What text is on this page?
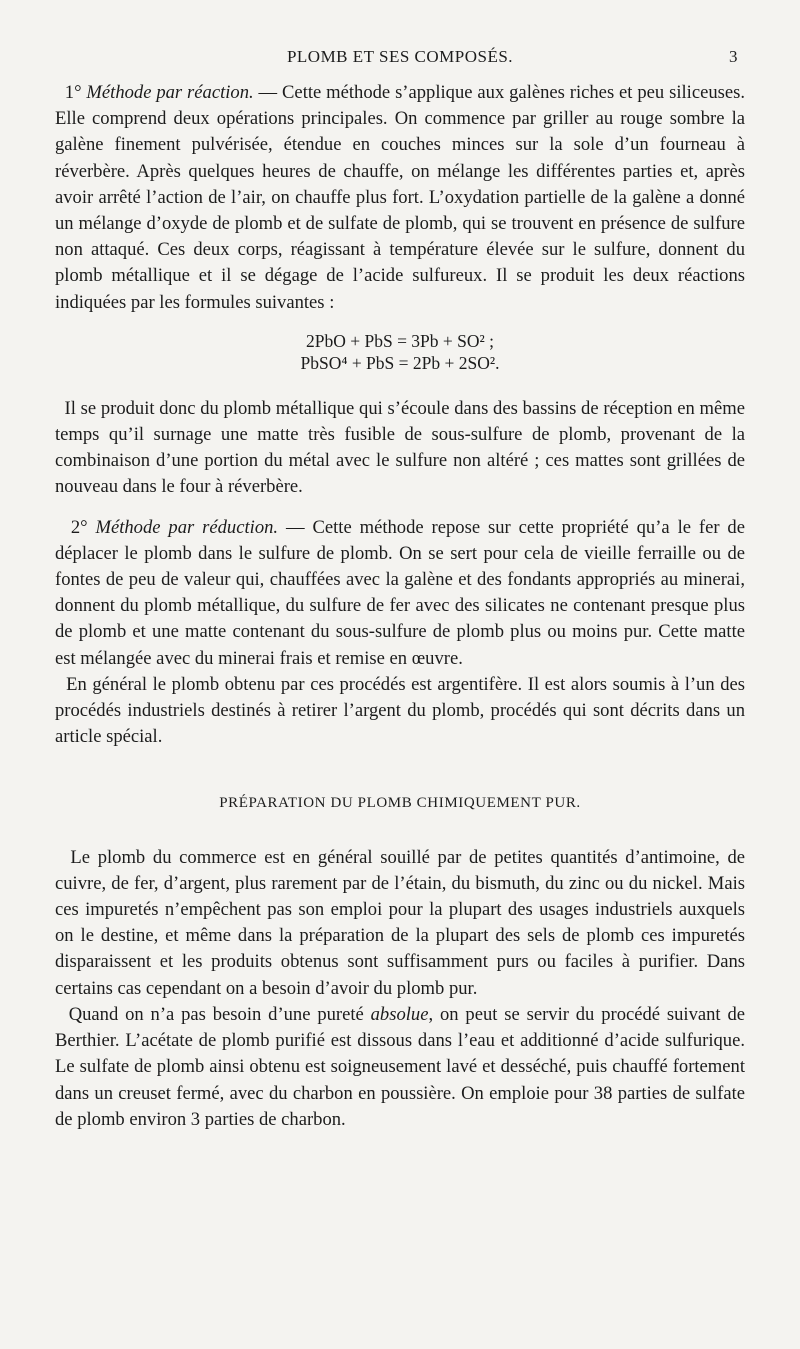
PLOMB ET SES COMPOSÉS.	3

1° Méthode par réaction. — Cette méthode s’applique aux galènes riches et peu siliceuses. Elle comprend deux opérations principales. On commence par griller au rouge sombre la galène finement pulvérisée, étendue en couches minces sur la sole d’un fourneau à réverbère. Après quelques heures de chauffe, on mélange les différentes parties et, après avoir arrêté l’action de l’air, on chauffe plus fort. L’oxydation partielle de la galène a donné un mélange d’oxyde de plomb et de sulfate de plomb, qui se trouvent en présence de sulfure non attaqué. Ces deux corps, réagissant à température élevée sur le sulfure, donnent du plomb métallique et il se dégage de l’acide sulfureux. Il se produit les deux réactions indiquées par les formules suivantes :

2PbO + PbS = 3Pb + SO² ;
PbSO⁴ + PbS = 2Pb + 2SO².

Il se produit donc du plomb métallique qui s’écoule dans des bassins de réception en même temps qu’il surnage une matte très fusible de sous-sulfure de plomb, provenant de la combinaison d’une portion du métal avec le sulfure non altéré ; ces mattes sont grillées de nouveau dans le four à réverbère.

2° Méthode par réduction. — Cette méthode repose sur cette propriété qu’a le fer de déplacer le plomb dans le sulfure de plomb. On se sert pour cela de vieille ferraille ou de fontes de peu de valeur qui, chauffées avec la galène et des fondants appropriés au minerai, donnent du plomb métallique, du sulfure de fer avec des silicates ne contenant presque plus de plomb et une matte contenant du sous-sulfure de plomb plus ou moins pur. Cette matte est mélangée avec du minerai frais et remise en œuvre.

En général le plomb obtenu par ces procédés est argentifère. Il est alors soumis à l’un des procédés industriels destinés à retirer l’argent du plomb, procédés qui sont décrits dans un article spécial.

PRÉPARATION DU PLOMB CHIMIQUEMENT PUR.

Le plomb du commerce est en général souillé par de petites quantités d’antimoine, de cuivre, de fer, d’argent, plus rarement par de l’étain, du bismuth, du zinc ou du nickel. Mais ces impuretés n’empêchent pas son emploi pour la plupart des usages industriels auxquels on le destine, et même dans la préparation de la plupart des sels de plomb ces impuretés disparaissent et les produits obtenus sont suffisamment purs ou faciles à purifier. Dans certains cas cependant on a besoin d’avoir du plomb pur.

Quand on n’a pas besoin d’une pureté absolue, on peut se servir du procédé suivant de Berthier. L’acétate de plomb purifié est dissous dans l’eau et additionné d’acide sulfurique. Le sulfate de plomb ainsi obtenu est soigneusement lavé et desséché, puis chauffé fortement dans un creuset fermé, avec du charbon en poussière. On emploie pour 38 parties de sulfate de plomb environ 3 parties de charbon.
